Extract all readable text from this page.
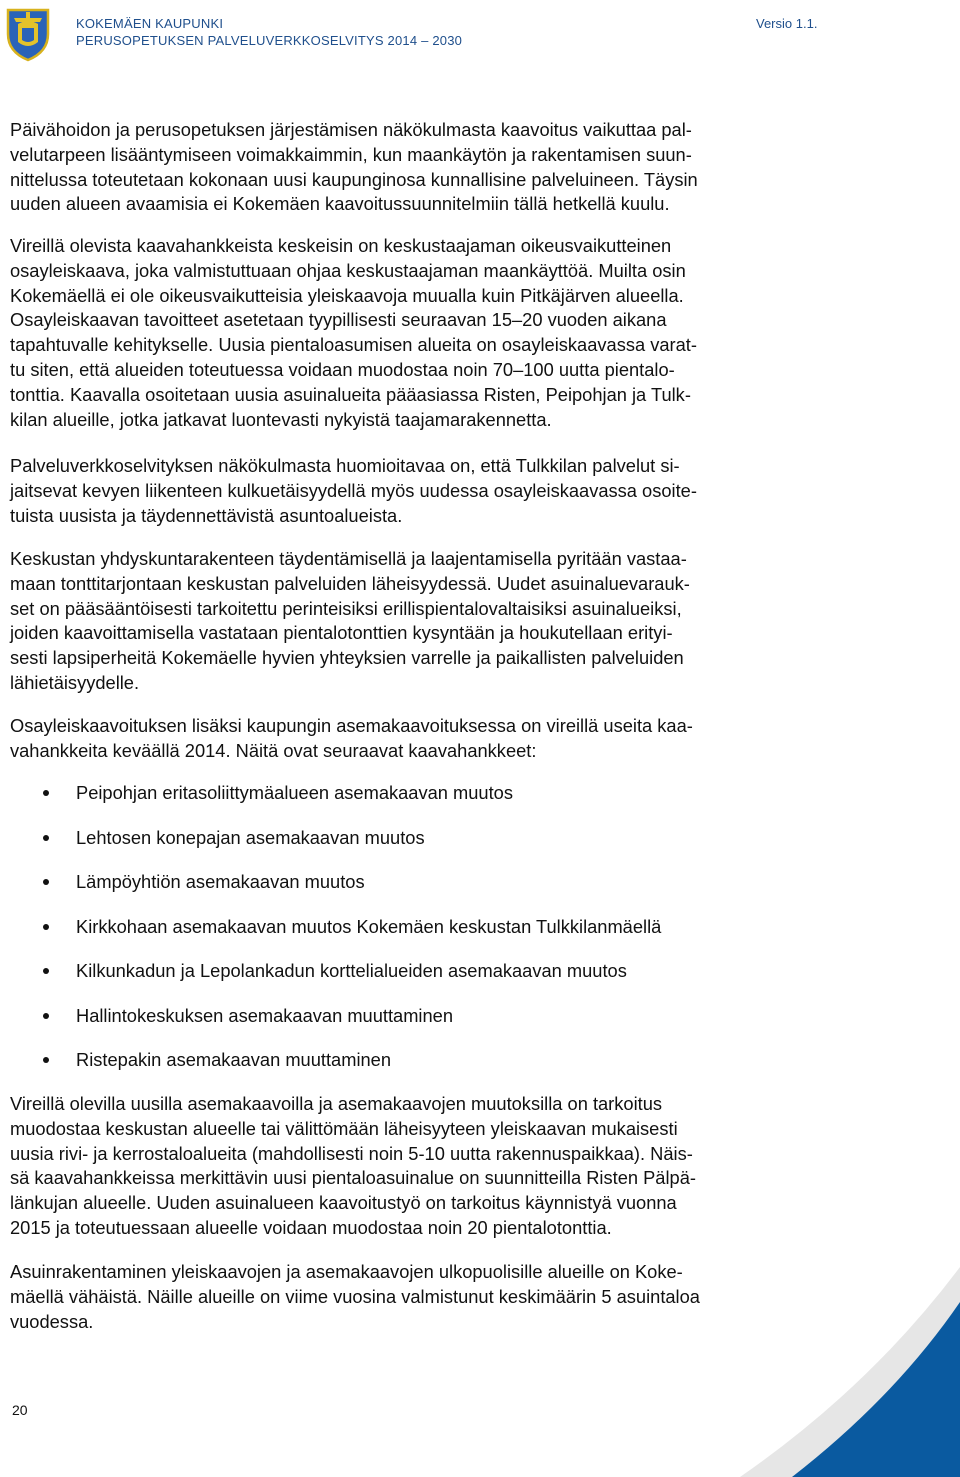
KOKEMÄEN KAUPUNKI
PERUSOPETUKSEN PALVELUVERKKOSELVITYS 2014 – 2030
Versio 1.1.

Päivähoidon ja perusopetuksen järjestämisen näkökulmasta kaavoitus vaikuttaa pal-
velutarpeen lisääntymiseen voimakkaimmin, kun maankäytön ja rakentamisen suun-
nittelussa toteutetaan kokonaan uusi kaupunginosa kunnallisine palveluineen. Täysin
uuden alueen avaamisia ei Kokemäen kaavoitussuunnitelmiin tällä hetkellä kuulu.

Vireillä olevista kaavahankkeista keskeisin on keskustaajaman oikeusvaikutteinen
osayleiskaava, joka valmistuttuaan ohjaa keskustaajaman maankäyttöä. Muilta osin
Kokemäellä ei ole oikeusvaikutteisia yleiskaavoja muualla kuin Pitkäjärven alueella.
Osayleiskaavan tavoitteet asetetaan tyypillisesti seuraavan 15–20 vuoden aikana
tapahtuvalle kehitykselle. Uusia pientaloasumisen alueita on osayleiskaavassa varat-
tu siten, että alueiden toteutuessa voidaan muodostaa noin 70–100 uutta pientalo-
tonttia. Kaavalla osoitetaan uusia asuinalueita pääasiassa Risten, Peipohjan ja Tulk-
kilan alueille, jotka jatkavat luontevasti nykyistä taajamarakennetta.

Palveluverkkoselvityksen näkökulmasta huomioitavaa on, että Tulkkilan palvelut si-
jaitsevat kevyen liikenteen kulkuetäisyydellä myös uudessa osayleiskaavassa osoite-
tuista uusista ja täydennettävistä asuntoalueista.

Keskustan yhdyskuntarakenteen täydentämisellä ja laajentamisella pyritään vastaa-
maan tonttitarjontaan keskustan palveluiden läheisyydessä. Uudet asuinaluevarauk-
set on pääsääntöisesti tarkoitettu perinteisiksi erillispientalovaltaisiksi asuinalueiksi,
joiden kaavoittamisella vastataan pientalotonttien kysyntään ja houkutellaan erityi-
sesti lapsiperheitä Kokemäelle hyvien yhteyksien varrelle ja paikallisten palveluiden
lähietäisyydelle.

Osayleiskaavoituksen lisäksi kaupungin asemakaavoituksessa on vireillä useita kaa-
vahankkeita keväällä 2014. Näitä ovat seuraavat kaavahankkeet:

Peipohjan eritasoliittymäalueen asemakaavan muutos
Lehtosen konepajan asemakaavan muutos
Lämpöyhtiön asemakaavan muutos
Kirkkohaan asemakaavan muutos Kokemäen keskustan Tulkkilanmäellä
Kilkunkadun ja Lepolankadun korttelialueiden asemakaavan muutos
Hallintokeskuksen asemakaavan muuttaminen
Ristepakin asemakaavan muuttaminen

Vireillä olevilla uusilla asemakaavoilla ja asemakaavojen muutoksilla on tarkoitus
muodostaa keskustan alueelle tai välittömään läheisyyteen yleiskaavan mukaisesti
uusia rivi- ja kerrostaloalueita (mahdollisesti noin 5-10 uutta rakennuspaikkaa). Näis-
sä kaavahankkeissa merkittävin uusi pientaloasuinalue on suunnitteilla Risten Pälpä-
länkujan alueelle. Uuden asuinalueen kaavoitustyö on tarkoitus käynnistyä vuonna
2015 ja toteutuessaan alueelle voidaan muodostaa noin 20 pientalotonttia.

Asuinrakentaminen yleiskaavojen ja asemakaavojen ulkopuolisille alueille on Koke-
mäellä vähäistä. Näille alueille on viime vuosina valmistunut keskimäärin 5 asuintaloa
vuodessa.

20
